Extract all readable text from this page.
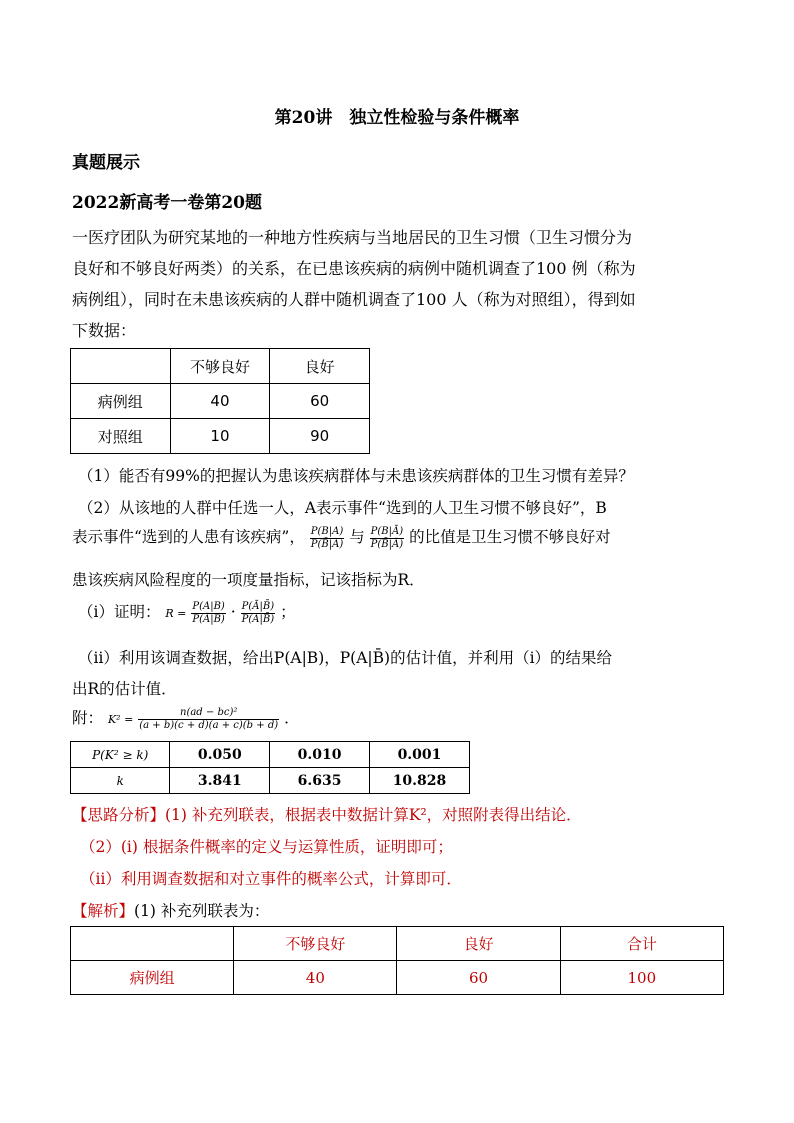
第20讲　独立性检验与条件概率
真题展示
2022新高考一卷第20题
一医疗团队为研究某地的一种地方性疾病与当地居民的卫生习惯（卫生习惯分为
良好和不够良好两类）的关系，在已患该疾病的病例中随机调查了100 例（称为
病例组），同时在未患该疾病的人群中随机调查了100 人（称为对照组），得到如
下数据：
	不够良好	良好
病例组	40	60
对照组	10	90
（1）能否有99%的把握认为患该疾病群体与未患该疾病群体的卫生习惯有差异？
（2）从该地的人群中任选一人，A表示事件“选到的人卫生习惯不够良好”，B
表示事件“选到的人患有该疾病”， $\frac{P(B|A)}{P(B̄|A)}$ 与 $\frac{P(B|Ā)}{P(B̄|Ā)}$ 的比值是卫生习惯不够良好对
患该疾病风险程度的一项度量指标，记该指标为R．
（ⅰ）证明： $R = \frac{P(A|B)}{P(Ā|B)} \cdot \frac{P(Ā|B̄)}{P(A|B̄)}$ ；
（ⅱ）利用该调查数据，给出P(A|B)，P(A|B̄)的估计值，并利用（ⅰ）的结果给
出R的估计值．
附： $K^2 = \frac{\text{n(ad − bc)²}}{(a + b)(c + d)(a + c)(b + d)}$ ．
P(K² ≥ k)	0.050	0.010	0.001
k	3.841	6.635	10.828
【思路分析】(1) 补充列联表，根据表中数据计算K²，对照附表得出结论．
（2）(i) 根据条件概率的定义与运算性质，证明即可；
（ⅱ）利用调查数据和对立事件的概率公式，计算即可．
【解析】(1) 补充列联表为：
	不够良好	良好	合计
病例组	40	60	100
